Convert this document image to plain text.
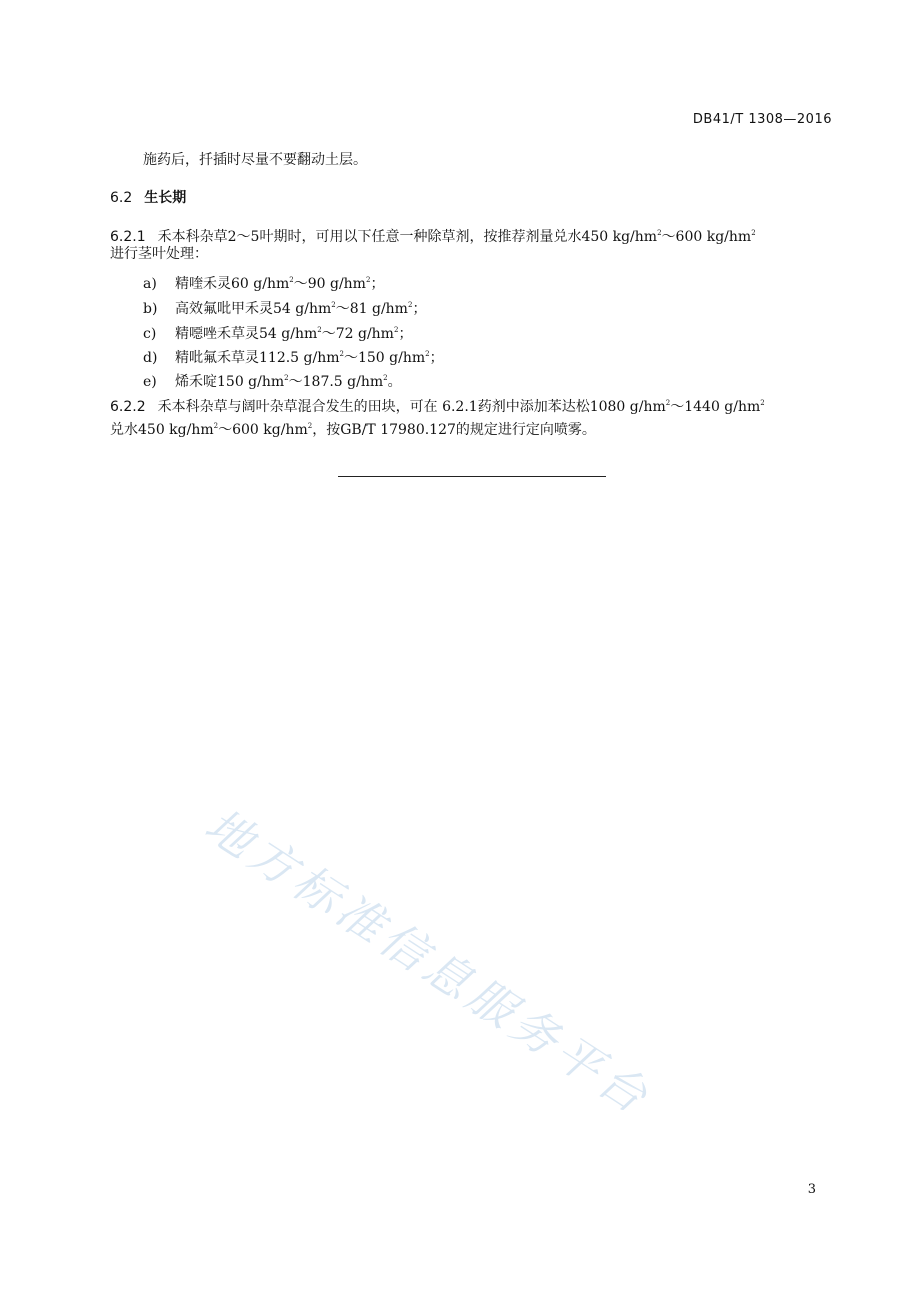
DB41/T 1308—2016
施药后，扦插时尽量不要翻动土层。
6.2 生长期
6.2.1 禾本科杂草2～5叶期时，可用以下任意一种除草剂，按推荐剂量兑水450 $kg/hm^2\sim 600$ $kg/hm^2$
进行茎叶处理：
a) 精喹禾灵60 $g/hm^2\sim 90$ $g/hm^2$；
b) 高效氟吡甲禾灵54 $g/hm^2\sim 81$ $g/hm^2$；
c) 精噁唑禾草灵54 $g/hm^2\sim 72$ $g/hm^2$；
d) 精吡氟禾草灵112.5 $g/hm^2\sim 150$ $g/hm^2$；
e) 烯禾啶150 $g/hm^2\sim 187.5$ $g/hm^2$。
6.2.2 禾本科杂草与阔叶杂草混合发生的田块，可在 6.2.1药剂中添加苯达松1080 $g/hm^2\sim 1440$ $g/hm^2$
兑水450 $kg/hm^2\sim 600$ $kg/hm^2$，按GB/T 17980.127的规定进行定向喷雾。
地方标准信息服务平台
3
